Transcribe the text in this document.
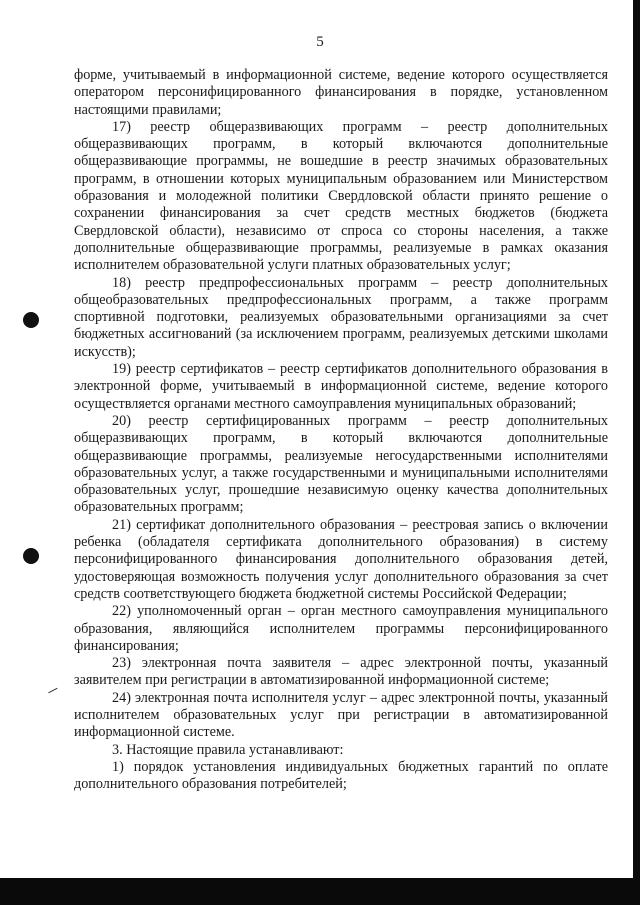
5

форме, учитываемый в информационной системе, ведение которого осуществляется оператором персонифицированного финансирования в порядке, установленном настоящими правилами;

17) реестр общеразвивающих программ – реестр дополнительных общеразвивающих программ, в который включаются дополнительные общеразвивающие программы, не вошедшие в реестр значимых образовательных программ, в отношении которых муниципальным образованием или Министерством образования и молодежной политики Свердловской области принято решение о сохранении финансирования за счет средств местных бюджетов (бюджета Свердловской области), независимо от спроса со стороны населения, а также дополнительные общеразвивающие программы, реализуемые в рамках оказания исполнителем образовательной услуги платных образовательных услуг;

18) реестр предпрофессиональных программ – реестр дополнительных общеобразовательных предпрофессиональных программ, а также программ спортивной подготовки, реализуемых образовательными организациями за счет бюджетных ассигнований (за исключением программ, реализуемых детскими школами искусств);

19) реестр сертификатов – реестр сертификатов дополнительного образования в электронной форме, учитываемый в информационной системе, ведение которого осуществляется органами местного самоуправления муниципальных образований;

20) реестр сертифицированных программ – реестр дополнительных общеразвивающих программ, в который включаются дополнительные общеразвивающие программы, реализуемые негосударственными исполнителями образовательных услуг, а также государственными и муниципальными исполнителями образовательных услуг, прошедшие независимую оценку качества дополнительных образовательных программ;

21) сертификат дополнительного образования – реестровая запись о включении ребенка (обладателя сертификата дополнительного образования) в систему персонифицированного финансирования дополнительного образования детей, удостоверяющая возможность получения услуг дополнительного образования за счет средств соответствующего бюджета бюджетной системы Российской Федерации;

22) уполномоченный орган – орган местного самоуправления муниципального образования, являющийся исполнителем программы персонифицированного финансирования;

23) электронная почта заявителя – адрес электронной почты, указанный заявителем при регистрации в автоматизированной информационной системе;

24) электронная почта исполнителя услуг – адрес электронной почты, указанный исполнителем образовательных услуг при регистрации в автоматизированной информационной системе.

3. Настоящие правила устанавливают:

1) порядок установления индивидуальных бюджетных гарантий по оплате дополнительного образования потребителей;
